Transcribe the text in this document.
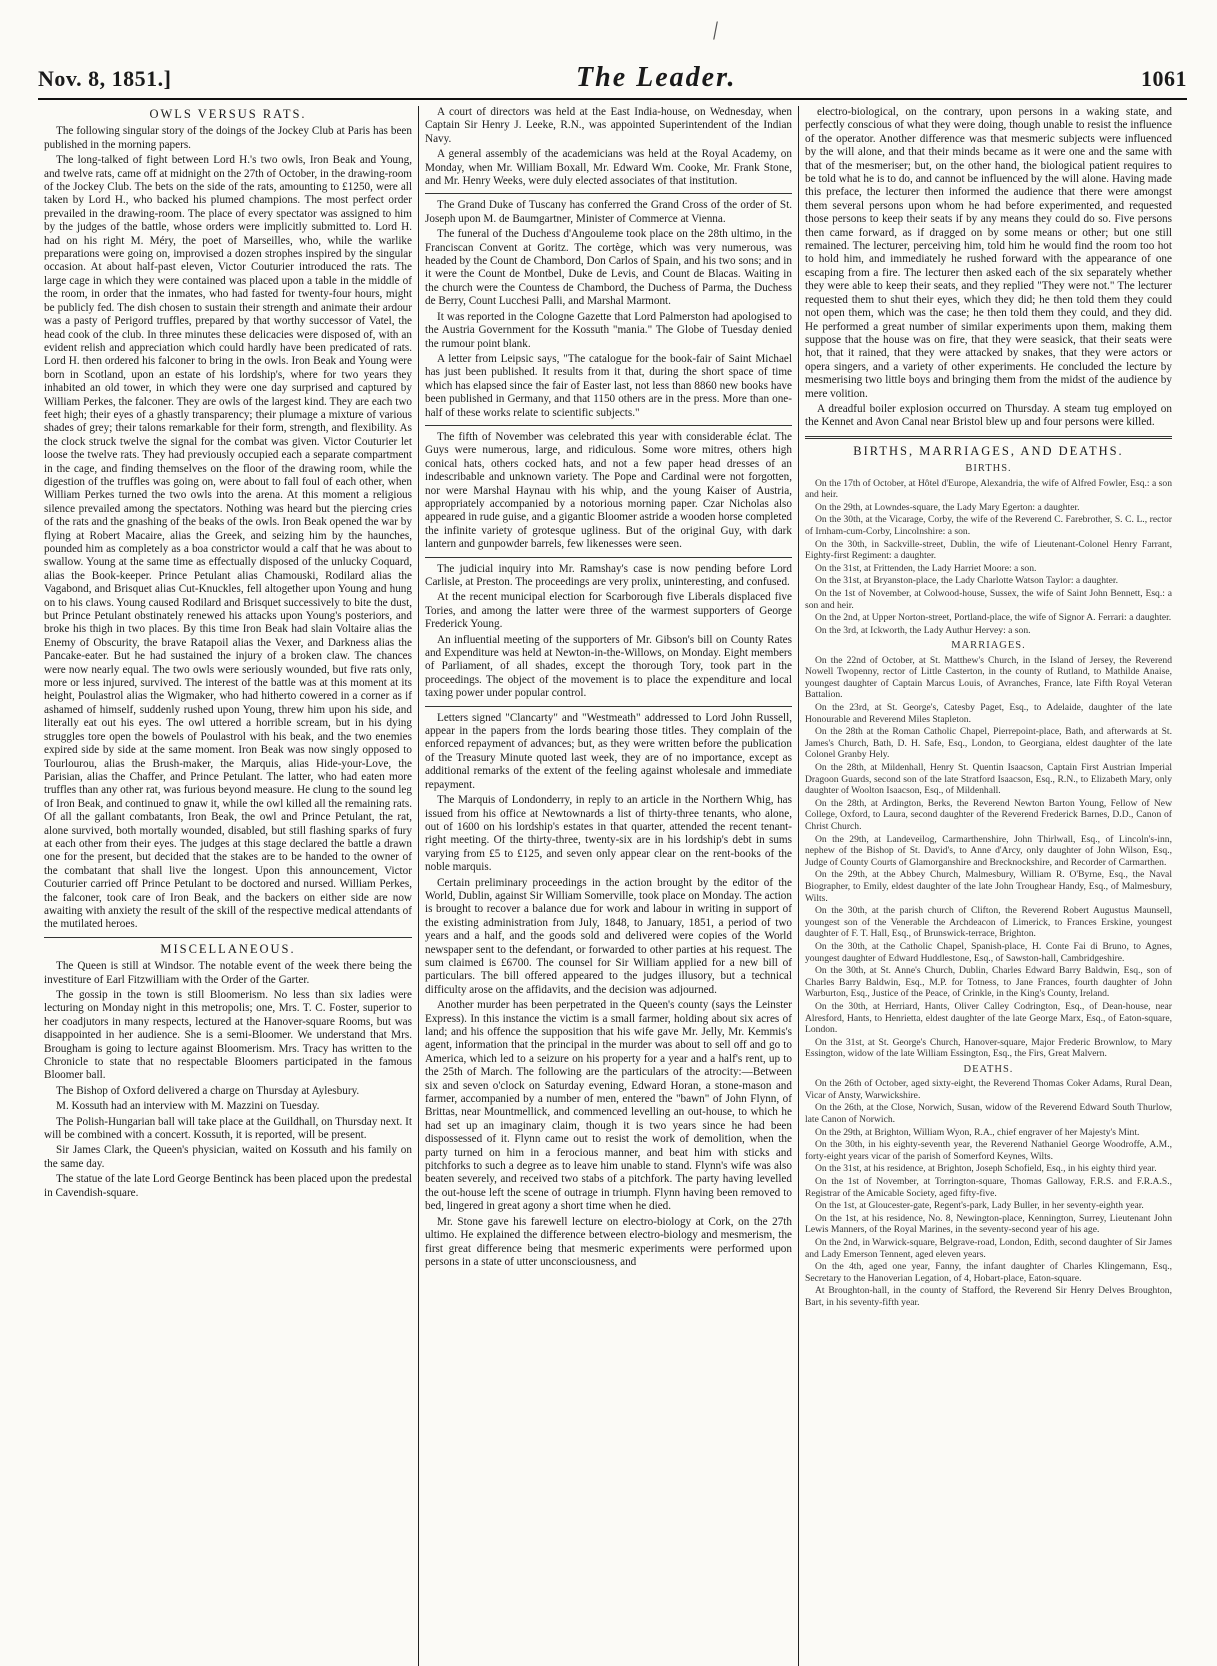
/
Nov. 8, 1851.]	The Leader.	1061
OWLS VERSUS RATS.

The following singular story of the doings of the Jockey Club at Paris has been published in the morning papers.

The long-talked of fight between Lord H.'s two owls, Iron Beak and Young, and twelve rats, came off at midnight on the 27th of October, in the drawing-room of the Jockey Club. The bets on the side of the rats, amounting to £1250, were all taken by Lord H., who backed his plumed champions. The most perfect order prevailed in the drawing-room. The place of every spectator was assigned to him by the judges of the battle, whose orders were implicitly submitted to. Lord H. had on his right M. Méry, the poet of Marseilles, who, while the warlike preparations were going on, improvised a dozen strophes inspired by the singular occasion. At about half-past eleven, Victor Couturier introduced the rats. The large cage in which they were contained was placed upon a table in the middle of the room, in order that the inmates, who had fasted for twenty-four hours, might be publicly fed. The dish chosen to sustain their strength and animate their ardour was a pasty of Perigord truffles, prepared by that worthy successor of Vatel, the head cook of the club. In three minutes these delicacies were disposed of, with an evident relish and appreciation which could hardly have been predicated of rats. Lord H. then ordered his falconer to bring in the owls. Iron Beak and Young were born in Scotland, upon an estate of his lordship's, where for two years they inhabited an old tower, in which they were one day surprised and captured by William Perkes, the falconer. They are owls of the largest kind. They are each two feet high; their eyes of a ghastly transparency; their plumage a mixture of various shades of grey; their talons remarkable for their form, strength, and flexibility. As the clock struck twelve the signal for the combat was given. Victor Couturier let loose the twelve rats. They had previously occupied each a separate compartment in the cage, and finding themselves on the floor of the drawing room, while the digestion of the truffles was going on, were about to fall foul of each other, when William Perkes turned the two owls into the arena. At this moment a religious silence prevailed among the spectators. Nothing was heard but the piercing cries of the rats and the gnashing of the beaks of the owls. Iron Beak opened the war by flying at Robert Macaire, alias the Greek, and seizing him by the haunches, pounded him as completely as a boa constrictor would a calf that he was about to swallow. Young at the same time as effectually disposed of the unlucky Coquard, alias the Book-keeper. Prince Petulant alias Chamouski, Rodilard alias the Vagabond, and Brisquet alias Cut-Knuckles, fell altogether upon Young and hung on to his claws. Young caused Rodilard and Brisquet successively to bite the dust, but Prince Petulant obstinately renewed his attacks upon Young's posteriors, and broke his thigh in two places. By this time Iron Beak had slain Voltaire alias the Enemy of Obscurity, the brave Ratapoil alias the Vexer, and Darkness alias the Pancake-eater. But he had sustained the injury of a broken claw. The chances were now nearly equal. The two owls were seriously wounded, but five rats only, more or less injured, survived. The interest of the battle was at this moment at its height, Poulastrol alias the Wigmaker, who had hitherto cowered in a corner as if ashamed of himself, suddenly rushed upon Young, threw him upon his side, and literally eat out his eyes. The owl uttered a horrible scream, but in his dying struggles tore open the bowels of Poulastrol with his beak, and the two enemies expired side by side at the same moment. Iron Beak was now singly opposed to Tourlourou, alias the Brush-maker, the Marquis, alias Hide-your-Love, the Parisian, alias the Chaffer, and Prince Petulant. The latter, who had eaten more truffles than any other rat, was furious beyond measure. He clung to the sound leg of Iron Beak, and continued to gnaw it, while the owl killed all the remaining rats. Of all the gallant combatants, Iron Beak, the owl and Prince Petulant, the rat, alone survived, both mortally wounded, disabled, but still flashing sparks of fury at each other from their eyes. The judges at this stage declared the battle a drawn one for the present, but decided that the stakes are to be handed to the owner of the combatant that shall live the longest. Upon this announcement, Victor Couturier carried off Prince Petulant to be doctored and nursed. William Perkes, the falconer, took care of Iron Beak, and the backers on either side are now awaiting with anxiety the result of the skill of the respective medical attendants of the mutilated heroes.

MISCELLANEOUS.

The Queen is still at Windsor. The notable event of the week there being the investiture of Earl Fitzwilliam with the Order of the Garter.

The gossip in the town is still Bloomerism. No less than six ladies were lecturing on Monday night in this metropolis; one, Mrs. T. C. Foster, superior to her coadjutors in many respects, lectured at the Hanover-square Rooms, but was disappointed in her audience. She is a semi-Bloomer. We understand that Mrs. Brougham is going to lecture against Bloomerism. Mrs. Tracy has written to the Chronicle to state that no respectable Bloomers participated in the famous Bloomer ball.

The Bishop of Oxford delivered a charge on Thursday at Aylesbury.

M. Kossuth had an interview with M. Mazzini on Tuesday.

The Polish-Hungarian ball will take place at the Guildhall, on Thursday next. It will be combined with a concert. Kossuth, it is reported, will be present.

Sir James Clark, the Queen's physician, waited on Kossuth and his family on the same day.

The statue of the late Lord George Bentinck has been placed upon the predestal in Cavendish-square.

A court of directors was held at the East India-house, on Wednesday, when Captain Sir Henry J. Leeke, R.N., was appointed Superintendent of the Indian Navy.

A general assembly of the academicians was held at the Royal Academy, on Monday, when Mr. William Boxall, Mr. Edward Wm. Cooke, Mr. Frank Stone, and Mr. Henry Weeks, were duly elected associates of that institution.

The Grand Duke of Tuscany has conferred the Grand Cross of the order of St. Joseph upon M. de Baumgartner, Minister of Commerce at Vienna.

The funeral of the Duchess d'Angouleme took place on the 28th ultimo, in the Franciscan Convent at Goritz. The cortège, which was very numerous, was headed by the Count de Chambord, Don Carlos of Spain, and his two sons; and in it were the Count de Montbel, Duke de Levis, and Count de Blacas. Waiting in the church were the Countess de Chambord, the Duchess of Parma, the Duchess de Berry, Count Lucchesi Palli, and Marshal Marmont.

It was reported in the Cologne Gazette that Lord Palmerston had apologised to the Austria Government for the Kossuth "mania." The Globe of Tuesday denied the rumour point blank.

A letter from Leipsic says, "The catalogue for the book-fair of Saint Michael has just been published. It results from it that, during the short space of time which has elapsed since the fair of Easter last, not less than 8860 new books have been published in Germany, and that 1150 others are in the press. More than one-half of these works relate to scientific subjects."

The fifth of November was celebrated this year with considerable éclat. The Guys were numerous, large, and ridiculous. Some wore mitres, others high conical hats, others cocked hats, and not a few paper head dresses of an indescribable and unknown variety. The Pope and Cardinal were not forgotten, nor were Marshal Haynau with his whip, and the young Kaiser of Austria, appropriately accompanied by a notorious morning paper. Czar Nicholas also appeared in rude guise, and a gigantic Bloomer astride a wooden horse completed the infinite variety of grotesque ugliness. But of the original Guy, with dark lantern and gunpowder barrels, few likenesses were seen.

The judicial inquiry into Mr. Ramshay's case is now pending before Lord Carlisle, at Preston. The proceedings are very prolix, uninteresting, and confused.

At the recent municipal election for Scarborough five Liberals displaced five Tories, and among the latter were three of the warmest supporters of George Frederick Young.

An influential meeting of the supporters of Mr. Gibson's bill on County Rates and Expenditure was held at Newton-in-the-Willows, on Monday. Eight members of Parliament, of all shades, except the thorough Tory, took part in the proceedings. The object of the movement is to place the expenditure and local taxing power under popular control.

Letters signed "Clancarty" and "Westmeath" addressed to Lord John Russell, appear in the papers from the lords bearing those titles. They complain of the enforced repayment of advances; but, as they were written before the publication of the Treasury Minute quoted last week, they are of no importance, except as additional remarks of the extent of the feeling against wholesale and immediate repayment.

The Marquis of Londonderry, in reply to an article in the Northern Whig, has issued from his office at Newtownards a list of thirty-three tenants, who alone, out of 1600 on his lordship's estates in that quarter, attended the recent tenant-right meeting. Of the thirty-three, twenty-six are in his lordship's debt in sums varying from £5 to £125, and seven only appear clear on the rent-books of the noble marquis.

Certain preliminary proceedings in the action brought by the editor of the World, Dublin, against Sir William Somerville, took place on Monday. The action is brought to recover a balance due for work and labour in writing in support of the existing administration from July, 1848, to January, 1851, a period of two years and a half, and the goods sold and delivered were copies of the World newspaper sent to the defendant, or forwarded to other parties at his request. The sum claimed is £6700. The counsel for Sir William applied for a new bill of particulars. The bill offered appeared to the judges illusory, but a technical difficulty arose on the affidavits, and the decision was adjourned.

Another murder has been perpetrated in the Queen's county (says the Leinster Express). In this instance the victim is a small farmer, holding about six acres of land; and his offence the supposition that his wife gave Mr. Jelly, Mr. Kemmis's agent, information that the principal in the murder was about to sell off and go to America, which led to a seizure on his property for a year and a half's rent, up to the 25th of March. The following are the particulars of the atrocity:—Between six and seven o'clock on Saturday evening, Edward Horan, a stone-mason and farmer, accompanied by a number of men, entered the "bawn" of John Flynn, of Brittas, near Mountmellick, and commenced levelling an out-house, to which he had set up an imaginary claim, though it is two years since he had been dispossessed of it. Flynn came out to resist the work of demolition, when the party turned on him in a ferocious manner, and beat him with sticks and pitchforks to such a degree as to leave him unable to stand. Flynn's wife was also beaten severely, and received two stabs of a pitchfork. The party having levelled the out-house left the scene of outrage in triumph. Flynn having been removed to bed, lingered in great agony a short time when he died.

Mr. Stone gave his farewell lecture on electro-biology at Cork, on the 27th ultimo. He explained the difference between electro-biology and mesmerism, the first great difference being that mesmeric experiments were performed upon persons in a state of utter unconsciousness, and

electro-biological, on the contrary, upon persons in a waking state, and perfectly conscious of what they were doing, though unable to resist the influence of the operator. Another difference was that mesmeric subjects were influenced by the will alone, and that their minds became as it were one and the same with that of the mesmeriser; but, on the other hand, the biological patient requires to be told what he is to do, and cannot be influenced by the will alone. Having made this preface, the lecturer then informed the audience that there were amongst them several persons upon whom he had before experimented, and requested those persons to keep their seats if by any means they could do so. Five persons then came forward, as if dragged on by some means or other; but one still remained. The lecturer, perceiving him, told him he would find the room too hot to hold him, and immediately he rushed forward with the appearance of one escaping from a fire. The lecturer then asked each of the six separately whether they were able to keep their seats, and they replied "They were not." The lecturer requested them to shut their eyes, which they did; he then told them they could not open them, which was the case; he then told them they could, and they did. He performed a great number of similar experiments upon them, making them suppose that the house was on fire, that they were seasick, that their seats were hot, that it rained, that they were attacked by snakes, that they were actors or opera singers, and a variety of other experiments. He concluded the lecture by mesmerising two little boys and bringing them from the midst of the audience by mere volition.

A dreadful boiler explosion occurred on Thursday. A steam tug employed on the Kennet and Avon Canal near Bristol blew up and four persons were killed.

BIRTHS, MARRIAGES, AND DEATHS.
BIRTHS.

On the 17th of October, at Hôtel d'Europe, Alexandria, the wife of Alfred Fowler, Esq.: a son and heir.

On the 29th, at Lowndes-square, the Lady Mary Egerton: a daughter.

On the 30th, at the Vicarage, Corby, the wife of the Reverend C. Farebrother, S. C. L., rector of Irnham-cum-Corby, Lincolnshire: a son.

On the 30th, in Sackville-street, Dublin, the wife of Lieutenant-Colonel Henry Farrant, Eighty-first Regiment: a daughter.

On the 31st, at Frittenden, the Lady Harriet Moore: a son.

On the 31st, at Bryanston-place, the Lady Charlotte Watson Taylor: a daughter.

On the 1st of November, at Colwood-house, Sussex, the wife of Saint John Bennett, Esq.: a son and heir.

On the 2nd, at Upper Norton-street, Portland-place, the wife of Signor A. Ferrari: a daughter.

On the 3rd, at Ickworth, the Lady Authur Hervey: a son.

MARRIAGES.

On the 22nd of October, at St. Matthew's Church, in the Island of Jersey, the Reverend Nowell Twopenny, rector of Little Casterton, in the county of Rutland, to Mathilde Anaise, youngest daughter of Captain Marcus Louis, of Avranches, France, late Fifth Royal Veteran Battalion.

On the 23rd, at St. George's, Catesby Paget, Esq., to Adelaide, daughter of the late Honourable and Reverend Miles Stapleton.

On the 28th at the Roman Catholic Chapel, Pierrepoint-place, Bath, and afterwards at St. James's Church, Bath, D. H. Safe, Esq., London, to Georgiana, eldest daughter of the late Colonel Granby Hely.

On the 28th, at Mildenhall, Henry St. Quentin Isaacson, Captain First Austrian Imperial Dragoon Guards, second son of the late Stratford Isaacson, Esq., R.N., to Elizabeth Mary, only daughter of Woolton Isaacson, Esq., of Mildenhall.

On the 28th, at Ardington, Berks, the Reverend Newton Barton Young, Fellow of New College, Oxford, to Laura, second daughter of the Reverend Frederick Barnes, D.D., Canon of Christ Church.

On the 29th, at Landeveilog, Carmarthenshire, John Thirlwall, Esq., of Lincoln's-inn, nephew of the Bishop of St. David's, to Anne d'Arcy, only daughter of John Wilson, Esq., Judge of County Courts of Glamorganshire and Brecknockshire, and Recorder of Carmarthen.

On the 29th, at the Abbey Church, Malmesbury, William R. O'Byrne, Esq., the Naval Biographer, to Emily, eldest daughter of the late John Troughear Handy, Esq., of Malmesbury, Wilts.

On the 30th, at the parish church of Clifton, the Reverend Robert Augustus Maunsell, youngest son of the Venerable the Archdeacon of Limerick, to Frances Erskine, youngest daughter of F. T. Hall, Esq., of Brunswick-terrace, Brighton.

On the 30th, at the Catholic Chapel, Spanish-place, H. Conte Fai di Bruno, to Agnes, youngest daughter of Edward Huddlestone, Esq., of Sawston-hall, Cambridgeshire.

On the 30th, at St. Anne's Church, Dublin, Charles Edward Barry Baldwin, Esq., son of Charles Barry Baldwin, Esq., M.P. for Totness, to Jane Frances, fourth daughter of John Warburton, Esq., Justice of the Peace, of Crinkle, in the King's County, Ireland.

On the 30th, at Herriard, Hants, Oliver Calley Codrington, Esq., of Dean-house, near Alresford, Hants, to Henrietta, eldest daughter of the late George Marx, Esq., of Eaton-square, London.

On the 31st, at St. George's Church, Hanover-square, Major Frederic Brownlow, to Mary Essington, widow of the late William Essington, Esq., the Firs, Great Malvern.

DEATHS.

On the 26th of October, aged sixty-eight, the Reverend Thomas Coker Adams, Rural Dean, Vicar of Ansty, Warwickshire.

On the 26th, at the Close, Norwich, Susan, widow of the Reverend Edward South Thurlow, late Canon of Norwich.

On the 29th, at Brighton, William Wyon, R.A., chief engraver of her Majesty's Mint.

On the 30th, in his eighty-seventh year, the Reverend Nathaniel George Woodroffe, A.M., forty-eight years vicar of the parish of Somerford Keynes, Wilts.

On the 31st, at his residence, at Brighton, Joseph Schofield, Esq., in his eighty third year.

On the 1st of November, at Torrington-square, Thomas Galloway, F.R.S. and F.R.A.S., Registrar of the Amicable Society, aged fifty-five.

On the 1st, at Gloucester-gate, Regent's-park, Lady Buller, in her seventy-eighth year.

On the 1st, at his residence, No. 8, Newington-place, Kennington, Surrey, Lieutenant John Lewis Manners, of the Royal Marines, in the seventy-second year of his age.

On the 2nd, in Warwick-square, Belgrave-road, London, Edith, second daughter of Sir James and Lady Emerson Tennent, aged eleven years.

On the 4th, aged one year, Fanny, the infant daughter of Charles Klingemann, Esq., Secretary to the Hanoverian Legation, of 4, Hobart-place, Eaton-square.

At Broughton-hall, in the county of Stafford, the Reverend Sir Henry Delves Broughton, Bart, in his seventy-fifth year.
